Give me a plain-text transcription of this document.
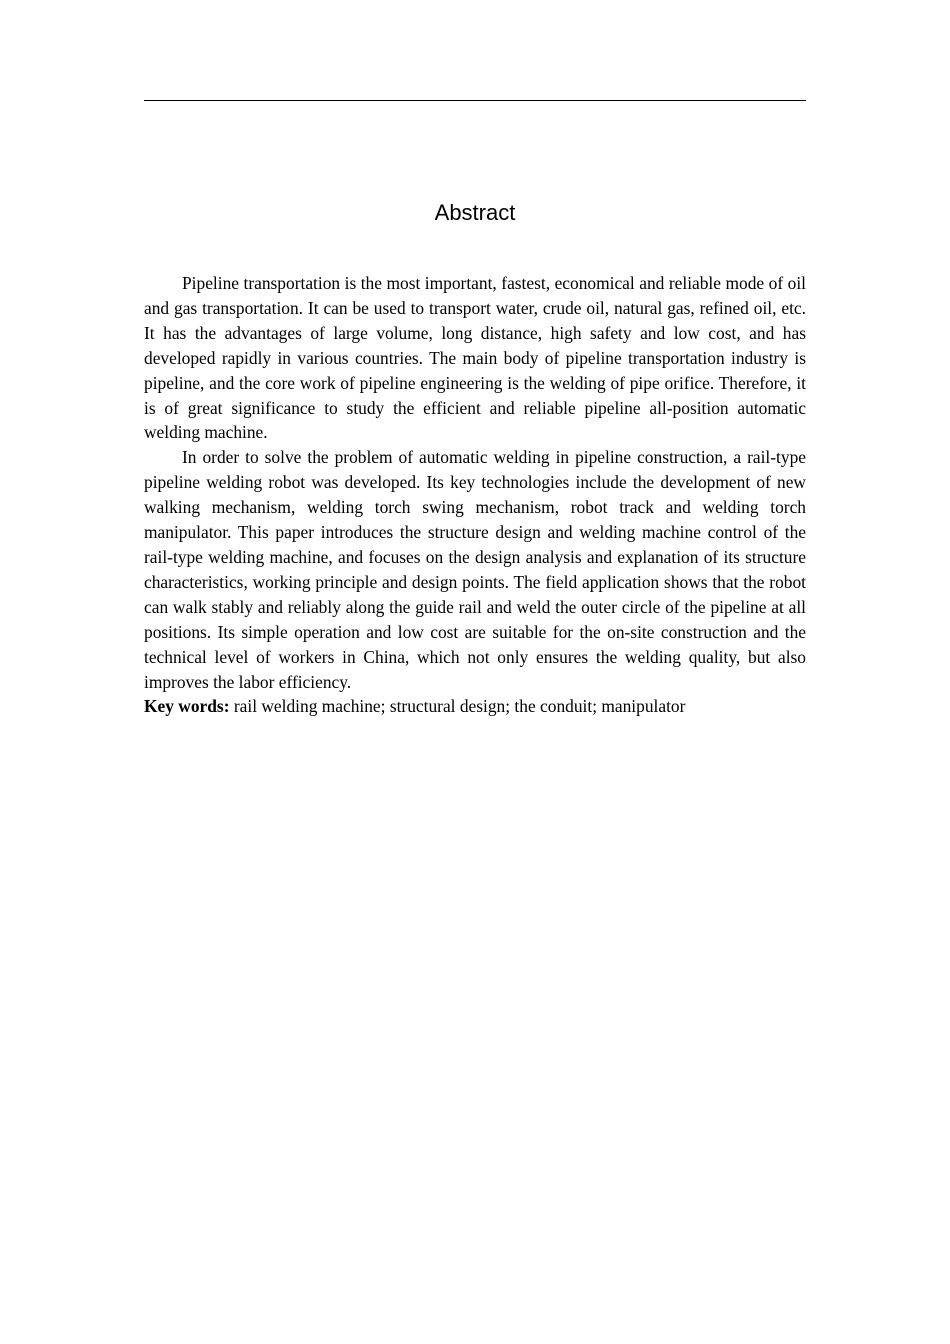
Abstract

Pipeline transportation is the most important, fastest, economical and reliable mode of oil and gas transportation. It can be used to transport water, crude oil, natural gas, refined oil, etc. It has the advantages of large volume, long distance, high safety and low cost, and has developed rapidly in various countries. The main body of pipeline transportation industry is pipeline, and the core work of pipeline engineering is the welding of pipe orifice. Therefore, it is of great significance to study the efficient and reliable pipeline all-position automatic welding machine.

In order to solve the problem of automatic welding in pipeline construction, a rail-type pipeline welding robot was developed. Its key technologies include the development of new walking mechanism, welding torch swing mechanism, robot track and welding torch manipulator. This paper introduces the structure design and welding machine control of the rail-type welding machine, and focuses on the design analysis and explanation of its structure characteristics, working principle and design points. The field application shows that the robot can walk stably and reliably along the guide rail and weld the outer circle of the pipeline at all positions. Its simple operation and low cost are suitable for the on-site construction and the technical level of workers in China, which not only ensures the welding quality, but also improves the labor efficiency.

Key words: rail welding machine; structural design; the conduit; manipulator
